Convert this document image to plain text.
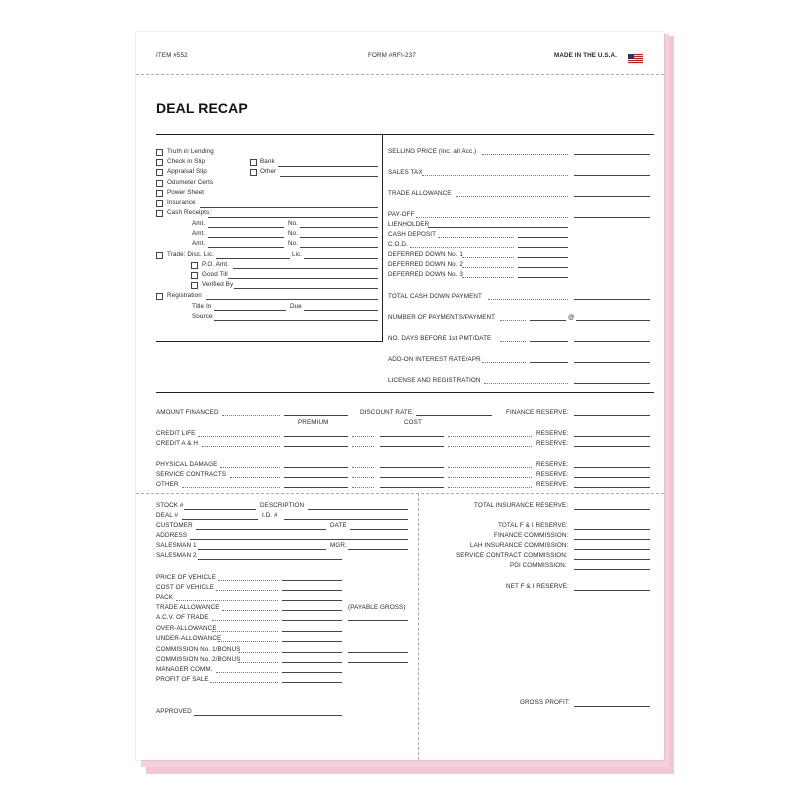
ITEM #552	FORM #RFI-237	MADE IN THE U.S.A.
DEAL RECAP
Truth in Lending
Check in Slip	Bank
Appraisal Slip	Other
Odometer Certs
Power Sheet
Insurance
Cash Receipts:
Amt.	No.
Amt.	No.
Amt.	No.
Trade: Disc. Lic.	Lic.
P.O. Amt.
Good Till
Verified By
Registration
Title In	Due
Source
SELLING PRICE (Inc. all Acc.)
SALES TAX
TRADE ALLOWANCE
PAY-OFF
LIENHOLDER
CASH DEPOSIT
C.O.D.
DEFERRED DOWN No. 1
DEFERRED DOWN No. 2
DEFERRED DOWN No. 3
TOTAL CASH DOWN PAYMENT
NUMBER OF PAYMENTS/PAYMENT	@
NO. DAYS BEFORE 1st PMT/DATE
ADD-ON INTEREST RATE/APR
LICENSE AND REGISTRATION
AMOUNT FINANCED	DISCOUNT RATE:	FINANCE RESERVE:
PREMIUM	COST
CREDIT LIFE	RESERVE:
CREDIT A & H	RESERVE:
PHYSICAL DAMAGE	RESERVE:
SERVICE CONTRACTS	RESERVE:
OTHER	RESERVE:
STOCK #	DESCRIPTION
DEAL #	I.D. #
CUSTOMER	DATE
ADDRESS
SALESMAN 1	MGR.
SALESMAN 2
PRICE OF VEHICLE
COST OF VEHICLE
PACK
TRADE ALLOWANCE	(PAYABLE GROSS)
A.C.V. OF TRADE
OVER-ALLOWANCE
UNDER-ALLOWANCE
COMMISSION No. 1/BONUS
COMMISSION No. 2/BONUS
MANAGER COMM.
PROFIT OF SALE
APPROVED
TOTAL INSURANCE RESERVE:
TOTAL F & I RESERVE:
FINANCE COMMISSION:
LAH INSURANCE COMMISSION:
SERVICE CONTRACT COMMISSION:
PDI COMMISSION:
NET F & I RESERVE:
GROSS PROFIT:
